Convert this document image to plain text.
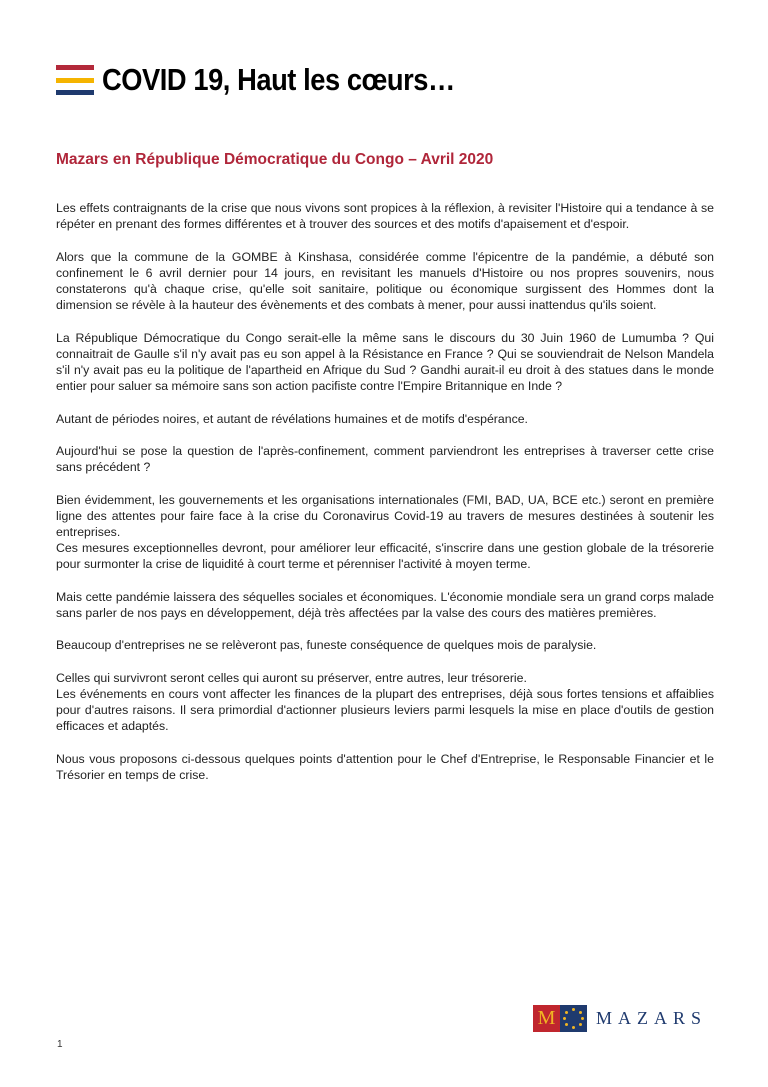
COVID 19, Haut les cœurs…
Mazars en République Démocratique du Congo – Avril 2020

Les effets contraignants de la crise que nous vivons sont propices à la réflexion, à revisiter l'Histoire qui a tendance à se répéter en prenant des formes différentes et à trouver des sources et des motifs d'apaisement et d'espoir.

Alors que la commune de la GOMBE à Kinshasa, considérée comme l'épicentre de la pandémie, a débuté son confinement le 6 avril dernier pour 14 jours, en revisitant les manuels d'Histoire ou nos propres souvenirs, nous constaterons qu'à chaque crise, qu'elle soit sanitaire, politique ou économique surgissent des Hommes dont la dimension se révèle à la hauteur des évènements et des combats à mener, pour aussi inattendus qu'ils soient.

La République Démocratique du Congo serait-elle la même sans le discours du 30 Juin 1960 de Lumumba ? Qui connaitrait de Gaulle s'il n'y avait pas eu son appel à la Résistance en France ? Qui se souviendrait de Nelson Mandela s'il n'y avait pas eu la politique de l'apartheid en Afrique du Sud ? Gandhi aurait-il eu droit à des statues dans le monde entier pour saluer sa mémoire sans son action pacifiste contre l'Empire Britannique en Inde ?

Autant de périodes noires, et autant de révélations humaines et de motifs d'espérance.

Aujourd'hui se pose la question de l'après-confinement, comment parviendront les entreprises à traverser cette crise sans précédent ?

Bien évidemment, les gouvernements et les organisations internationales (FMI, BAD, UA, BCE etc.) seront en première ligne des attentes pour faire face à la crise du Coronavirus Covid-19 au travers de mesures destinées à soutenir les entreprises.

Ces mesures exceptionnelles devront, pour améliorer leur efficacité, s'inscrire dans une gestion globale de la trésorerie pour surmonter la crise de liquidité à court terme et pérenniser l'activité à moyen terme.

Mais cette pandémie laissera des séquelles sociales et économiques. L'économie mondiale sera un grand corps malade sans parler de nos pays en développement, déjà très affectées par la valse des cours des matières premières.

Beaucoup d'entreprises ne se relèveront pas, funeste conséquence de quelques mois de paralysie.

Celles qui survivront seront celles qui auront su préserver, entre autres, leur trésorerie.

Les événements en cours vont affecter les finances de la plupart des entreprises, déjà sous fortes tensions et affaiblies pour d'autres raisons. Il sera primordial d'actionner plusieurs leviers parmi lesquels la mise en place d'outils de gestion efficaces et adaptés.

Nous vous proposons ci-dessous quelques points d'attention pour le Chef d'Entreprise, le Responsable Financier et le Trésorier en temps de crise.

M MAZARS
1
